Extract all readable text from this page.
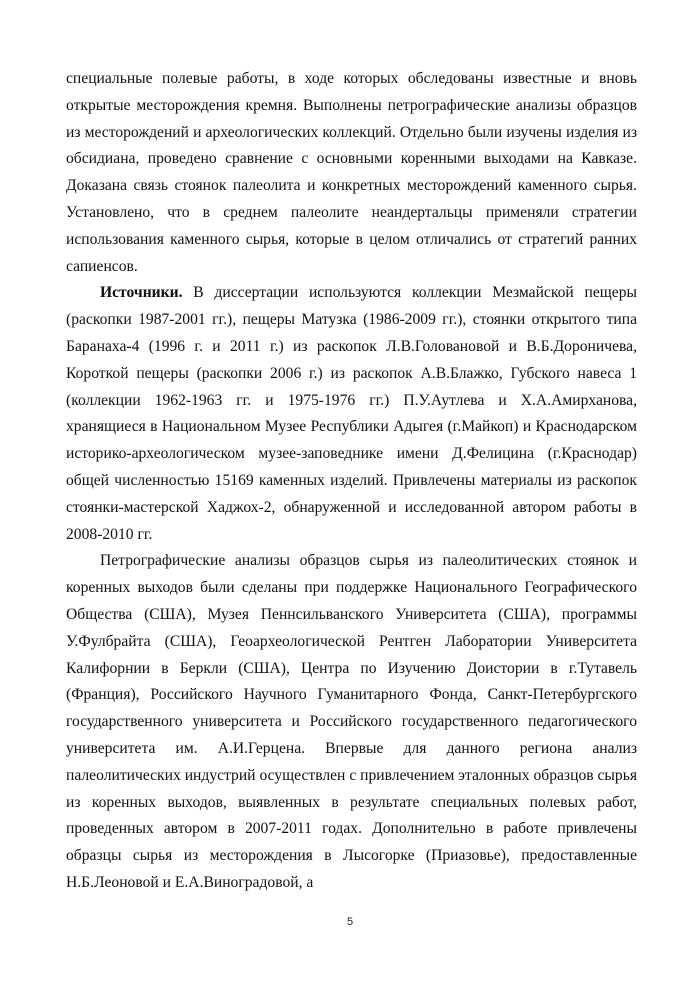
специальные полевые работы, в ходе которых обследованы известные и вновь открытые месторождения кремня. Выполнены петрографические анализы образцов из месторождений и археологических коллекций. Отдельно были изучены изделия из обсидиана, проведено сравнение с основными коренными выходами на Кавказе. Доказана связь стоянок палеолита и конкретных месторождений каменного сырья. Установлено, что в среднем палеолите неандертальцы применяли стратегии использования каменного сырья, которые в целом отличались от стратегий ранних сапиенсов.

Источники. В диссертации используются коллекции Мезмайской пещеры (раскопки 1987-2001 гг.), пещеры Матузка (1986-2009 гг.), стоянки открытого типа Баранаха-4 (1996 г. и 2011 г.) из раскопок Л.В.Головановой и В.Б.Дороничева, Короткой пещеры (раскопки 2006 г.) из раскопок А.В.Блажко, Губского навеса 1 (коллекции 1962-1963 гг. и 1975-1976 гг.) П.У.Аутлева и Х.А.Амирханова, хранящиеся в Национальном Музее Республики Адыгея (г.Майкоп) и Краснодарском историко-археологическом музее-заповеднике имени Д.Фелицина (г.Краснодар) общей численностью 15169 каменных изделий. Привлечены материалы из раскопок стоянки-мастерской Хаджох-2, обнаруженной и исследованной автором работы в 2008-2010 гг.

Петрографические анализы образцов сырья из палеолитических стоянок и коренных выходов были сделаны при поддержке Национального Географического Общества (США), Музея Пеннсильванского Университета (США), программы У.Фулбрайта (США), Геоархеологической Рентген Лаборатории Университета Калифорнии в Беркли (США), Центра по Изучению Доистории в г.Тутавель (Франция), Российского Научного Гуманитарного Фонда, Санкт-Петербургского государственного университета и Российского государственного педагогического университета им. А.И.Герцена. Впервые для данного региона анализ палеолитических индустрий осуществлен с привлечением эталонных образцов сырья из коренных выходов, выявленных в результате специальных полевых работ, проведенных автором в 2007-2011 годах. Дополнительно в работе привлечены образцы сырья из месторождения в Лысогорке (Приазовье), предоставленные Н.Б.Леоновой и Е.А.Виноградовой, а

5
